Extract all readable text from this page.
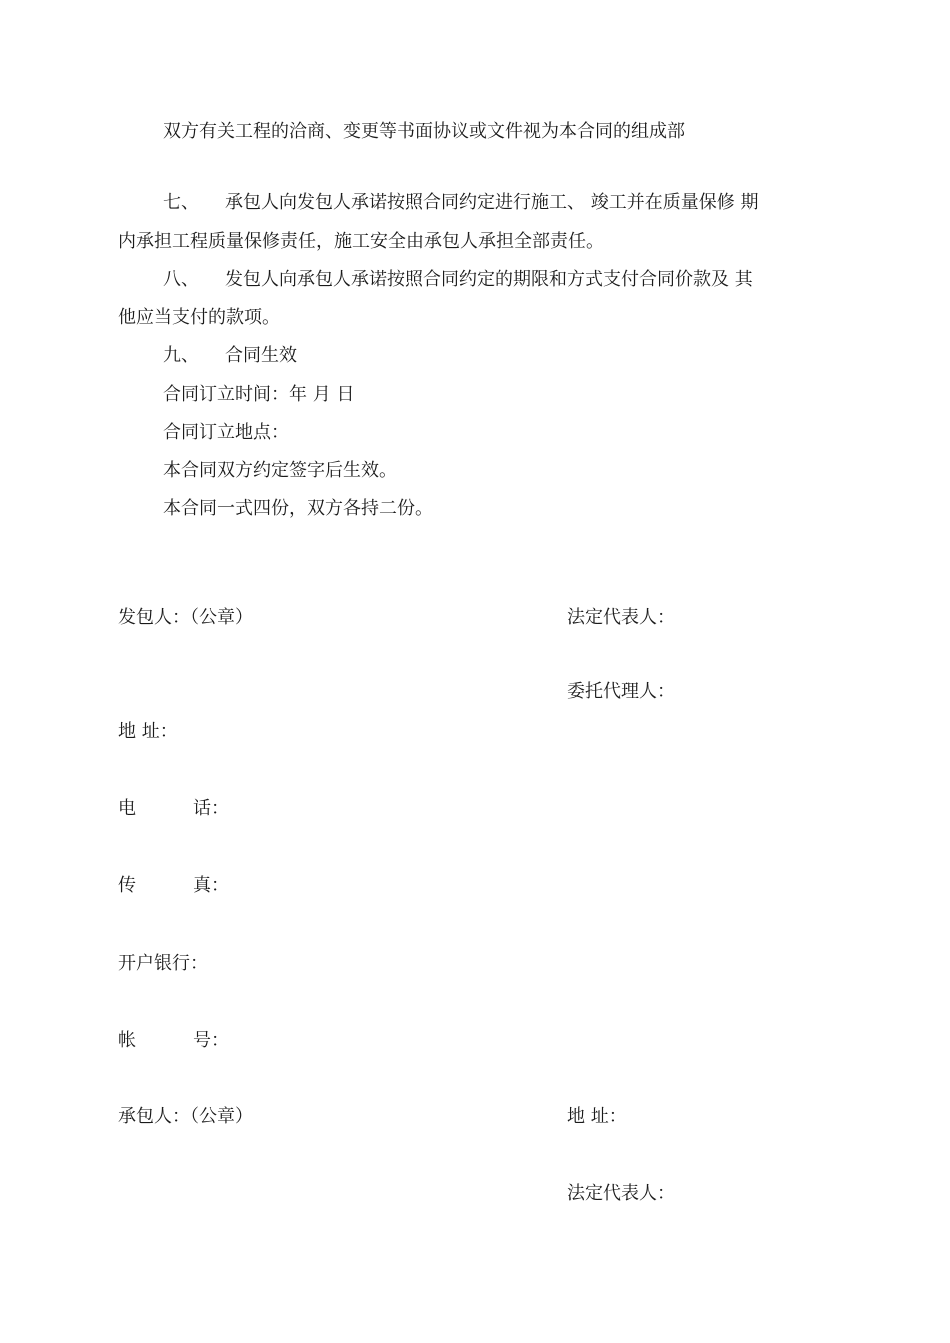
双方有关工程的洽商、变更等书面协议或文件视为本合同的组成部
七、 承包人向发包人承诺按照合同约定进行施工、 竣工并在质量保修 期
内承担工程质量保修责任，施工安全由承包人承担全部责任。
八、 发包人向承包人承诺按照合同约定的期限和方式支付合同价款及 其
他应当支付的款项。
九、 合同生效
合同订立时间：年 月 日
合同订立地点：
本合同双方约定签字后生效。
本合同一式四份，双方各持二份。
发包人：（公章）	法定代表人：
委托代理人：
地 址：
电	话：
传	真：
开户银行：
帐	号：
承包人：（公章）	地 址：
法定代表人：
